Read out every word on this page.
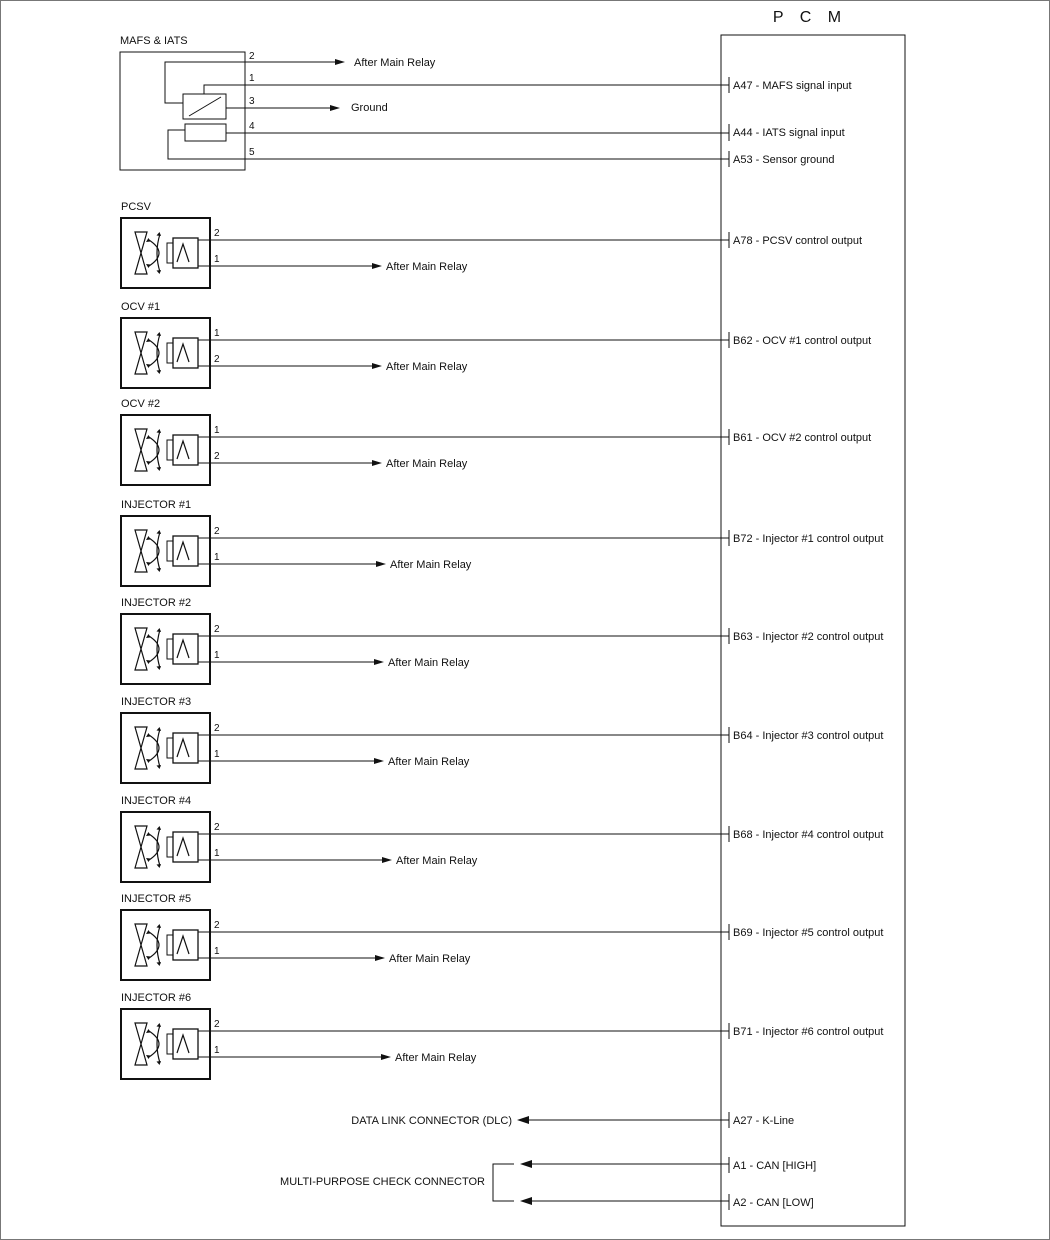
P C M
MAFS & IATS
2
1
3
4
5
After Main Relay
Ground
A47 - MAFS signal input
A44 - IATS signal input
A53 - Sensor ground
PCSV
2
1
After Main Relay
A78 - PCSV control output
OCV #1
1
2
After Main Relay
B62 - OCV #1 control output
OCV #2
1
2
After Main Relay
B61 - OCV #2 control output
INJECTOR #1
2
1
After Main Relay
B72 - Injector #1 control output
INJECTOR #2
2
1
After Main Relay
B63 - Injector #2 control output
INJECTOR #3
2
1
After Main Relay
B64 - Injector #3 control output
INJECTOR #4
2
1
After Main Relay
B68 - Injector #4 control output
INJECTOR #5
2
1
After Main Relay
B69 - Injector #5 control output
INJECTOR #6
2
1
After Main Relay
B71 - Injector #6 control output
A27 - K-Line
A1 - CAN [HIGH]
A2 - CAN [LOW]
DATA LINK CONNECTOR (DLC)
MULTI-PURPOSE CHECK CONNECTOR
